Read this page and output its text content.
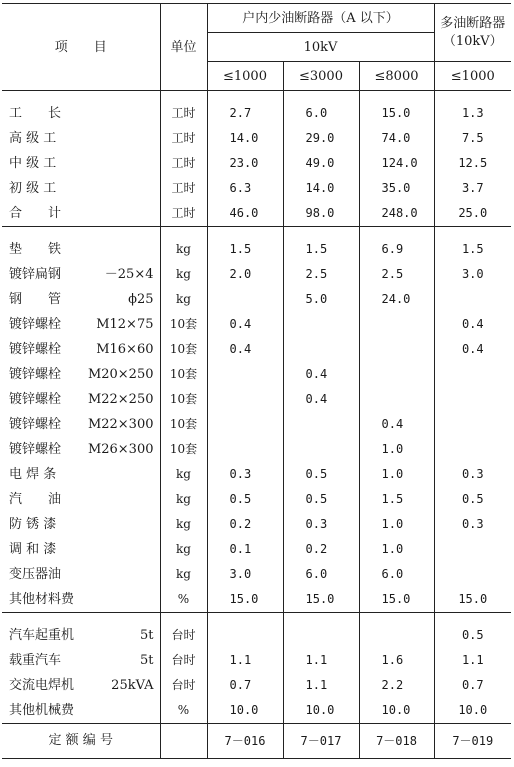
项　　目	单位	户内少油断路器（A 以下）			多油断路器
（10kV）

		10kV			
		≤1000	≤3000	≤8000	≤1000

工　　长	工时	2.7	6.0	15.0	1.3

高 级 工	工时	14.0	29.0	74.0	7.5

中 级 工	工时	23.0	49.0	124.0	12.5

初 级 工	工时	6.3	14.0	35.0	3.7

合　　计	工时	46.0	98.0	248.0	25.0

垫　　铁	kg	1.5	1.5	6.9	1.5

镀锌扁钢 －25×4	kg	2.0	2.5	2.5	3.0

钢　　管 ϕ25	kg		5.0	24.0	

镀锌螺栓 M12×75	10套	0.4			0.4

镀锌螺栓 M16×60	10套	0.4			0.4

镀锌螺栓 M20×250	10套		0.4		

镀锌螺栓 M22×250	10套		0.4		

镀锌螺栓 M22×300	10套			0.4	

镀锌螺栓 M26×300	10套			1.0	

电 焊 条	kg	0.3	0.5	1.0	0.3

汽　　油	kg	0.5	0.5	1.5	0.5

防 锈 漆	kg	0.2	0.3	1.0	0.3

调 和 漆	kg	0.1	0.2	1.0	

变压器油	kg	3.0	6.0	6.0	

其他材料费	%	15.0	15.0	15.0	15.0

汽车起重机 5t	台时				0.5

载重汽车 5t	台时	1.1	1.1	1.6	1.1

交流电焊机 25kVA	台时	0.7	1.1	2.2	0.7

其他机械费	%	10.0	10.0	10.0	10.0
定 额 编 号		7－016	7－017	7－018	7－019
